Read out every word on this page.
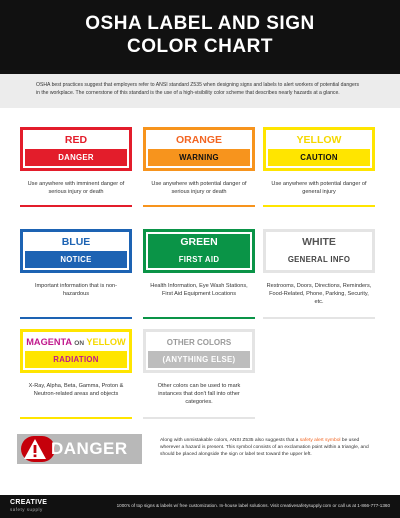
OSHA LABEL AND SIGN
COLOR CHART
OSHA best practices suggest that employers refer to ANSI standard Z535 when designing signs and labels to alert workers of potential dangers in the workplace. The cornerstone of this standard is the use of a high-visibility color scheme that describes nearly hazards at a glance.
RED
DANGER
Use anywhere with imminent danger of serious injury or death
ORANGE
WARNING
Use anywhere with potential danger of serious injury or death
YELLOW
CAUTION
Use anywhere with potential danger of general injury
BLUE
NOTICE
Important information that is non-hazardous
GREEN
FIRST AID
Health Information, Eye Wash Stations, First Aid Equipment Locations
WHITE
GENERAL INFO
Restrooms, Doors, Directions, Reminders, Food-Related, Phone, Parking, Security, etc.
MAGENTA ON YELLOW
RADIATION
X-Ray, Alpha, Beta, Gamma, Proton & Neutron-related areas and objects
OTHER COLORS
(ANYTHING ELSE)
Other colors can be used to mark instances that don't fall into other categories.
DANGER	Along with unmistakable colors, ANSI Z535 also suggests that a safety alert symbol be used wherever a hazard is present. This symbol consists of an exclamation point within a triangle, and should be placed alongside the sign or label text toward the upper left.
CREATIVE
safety supply
1000's of top signs & labels w/ free customization. In-house label solutions. Visit creativesafetysupply.com or call us at 1-866-777-1360
